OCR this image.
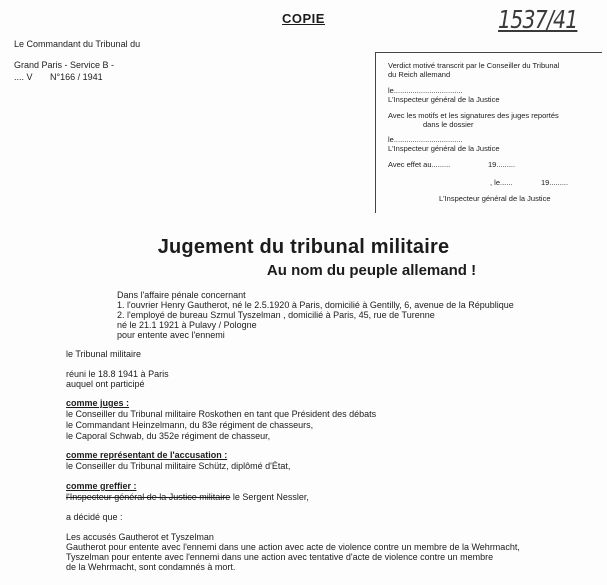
COPIE	1537/41
Le Commandant du Tribunal du
Grand Paris - Service B -
.... V N°166 / 1941
Verdict motivé transcrit par le Conseiller du Tribunal
du Reich allemand
le.................................
L'Inspecteur général de la Justice
Avec les motifs et les signatures des juges reportés
dans le dossier
le.................................
L'Inspecteur général de la Justice
Avec effet au.........	19.........
, le......	19.........
L'Inspecteur général de la Justice
Jugement du tribunal militaire
Au nom du peuple allemand !
Dans l'affaire pénale concernant
1. l'ouvrier Henry Gautherot, né le 2.5.1920 à Paris, domicilié à Gentilly, 6, avenue de la République
2. l'employé de bureau Szmul Tyszelman , domicilié à Paris, 45, rue de Turenne
né le 21.1 1921 à Pulavy / Pologne
pour entente avec l'ennemi
le Tribunal militaire
réuni le 18.8 1941 à Paris
auquel ont participé
comme juges :
le Conseiller du Tribunal militaire Roskothen en tant que Président des débats
le Commandant Heinzelmann, du 83e régiment de chasseurs,
le Caporal Schwab, du 352e régiment de chasseur,
comme représentant de l'accusation :
le Conseiller du Tribunal militaire Schütz, diplômé d'État,
comme greffier :
l'Inspecteur général de la Justice militaire le Sergent Nessler,
a décidé que :
Les accusés Gautherot et Tyszelman
Gautherot pour entente avec l'ennemi dans une action avec acte de violence contre un membre de la Wehrmacht,
Tyszelman pour entente avec l'ennemi dans une action avec tentative d'acte de violence contre un membre
de la Wehrmacht, sont condamnés à mort.
